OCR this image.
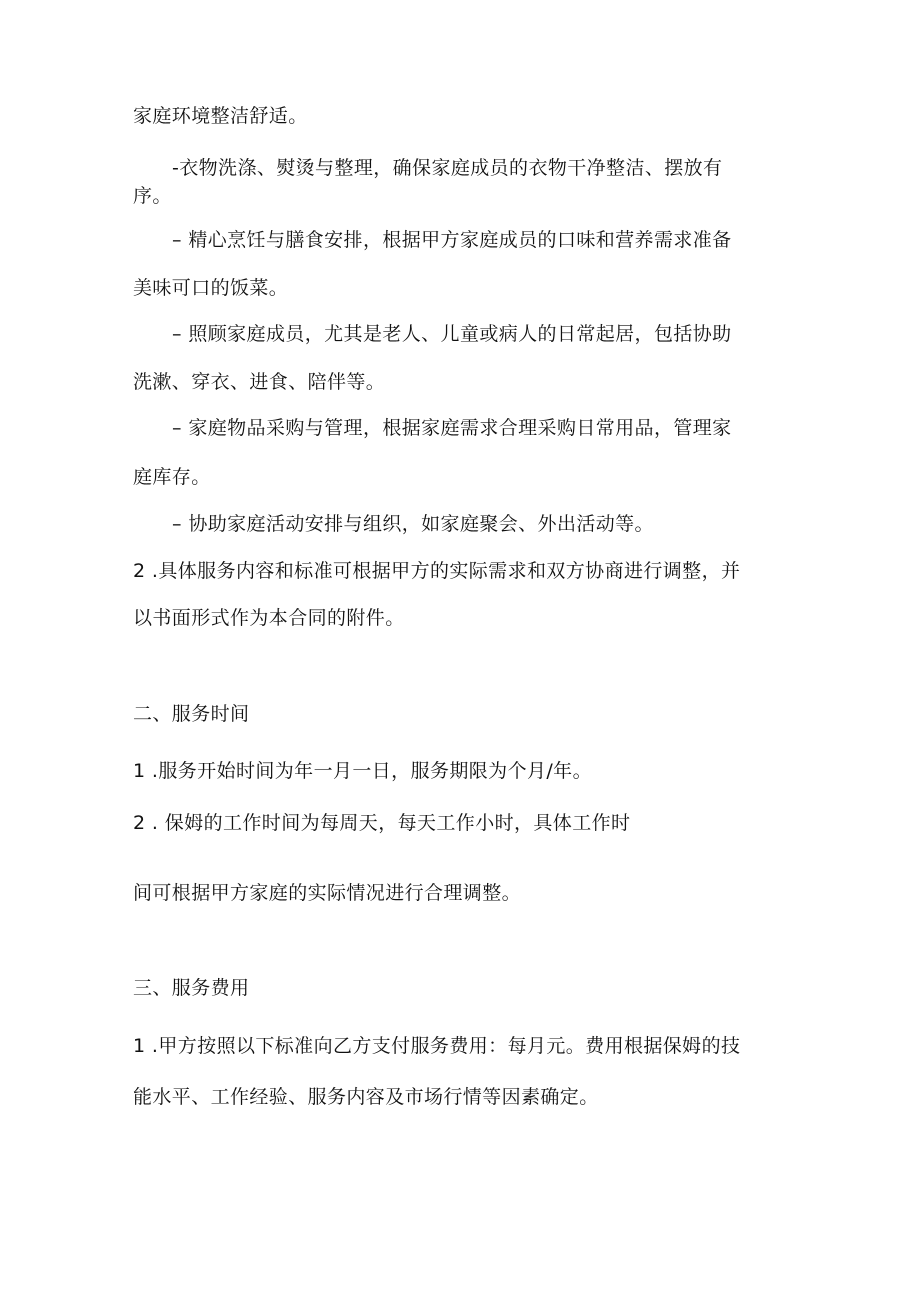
家庭环境整洁舒适。
-衣物洗涤、熨烫与整理，确保家庭成员的衣物干净整洁、摆放有
序。
– 精心烹饪与膳食安排，根据甲方家庭成员的口味和营养需求准备
美味可口的饭菜。
– 照顾家庭成员，尤其是老人、儿童或病人的日常起居，包括协助
洗漱、穿衣、进食、陪伴等。
– 家庭物品采购与管理，根据家庭需求合理采购日常用品，管理家
庭库存。
– 协助家庭活动安排与组织，如家庭聚会、外出活动等。
2 .具体服务内容和标准可根据甲方的实际需求和双方协商进行调整，并
以书面形式作为本合同的附件。
二、服务时间
1 .服务开始时间为年一月一日，服务期限为个月/年。
2 . 保姆的工作时间为每周天，每天工作小时，具体工作时
间可根据甲方家庭的实际情况进行合理调整。
三、服务费用
1 .甲方按照以下标准向乙方支付服务费用：每月元。费用根据保姆的技
能水平、工作经验、服务内容及市场行情等因素确定。
